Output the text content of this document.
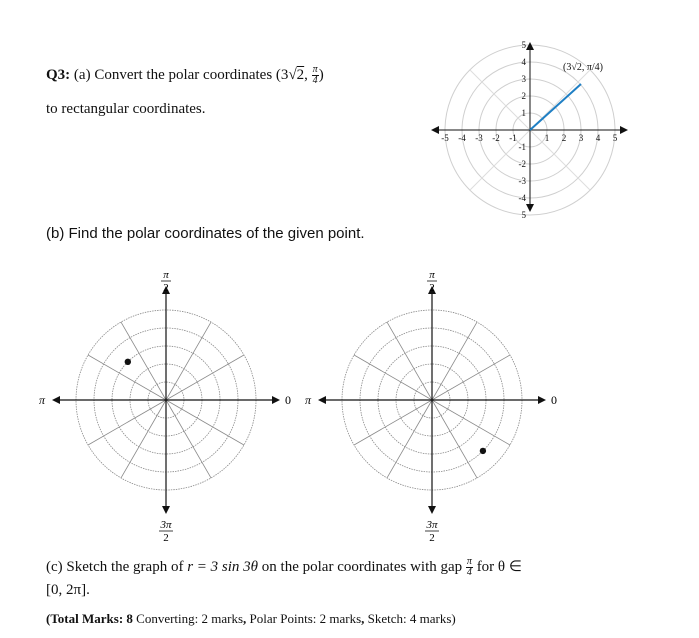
Q3: (a) Convert the polar coordinates (3√2, $\frac{\pi}{4}$ )
to rectangular coordinates.
-5 -4 -3 -2 -1	1 2 3 4 5
5
4
3
2
1
-1
-2
-3
-4
5
(3√2, π/4)
(b) Find the polar coordinates of the given point.
π
2
3π
2
π	0
π
2
3π
2
π	0
(c) Sketch the graph of r = 3 sin 3θ on the polar coordinates with gap $\frac{\pi}{4}$ for θ ∈
[0, 2π].
(Total Marks: 8 Converting: 2 marks, Polar Points: 2 marks, Sketch: 4 marks)
